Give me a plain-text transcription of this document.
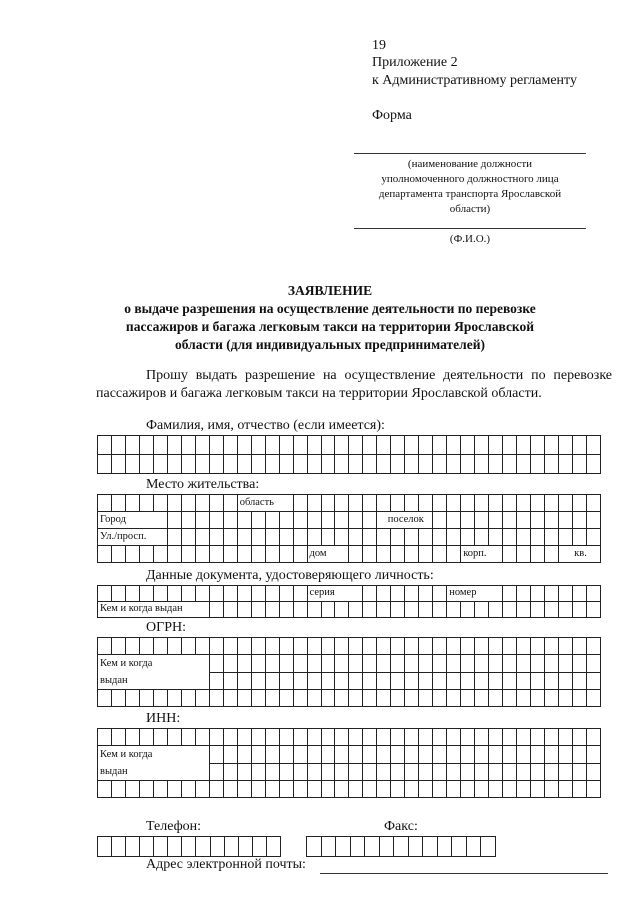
19
Приложение 2
к Административному регламенту
Форма
(наименование должности
уполномоченного должностного лица
департамента транспорта Ярославской
области)
(Ф.И.О.)
ЗАЯВЛЕНИЕ
о выдаче разрешения на осуществление деятельности по перевозке
пассажиров и багажа легковым такси на территории Ярославской
области (для индивидуальных предпринимателей)
Прошу выдать разрешение на осуществление деятельности по перевозке пассажиров и багажа легковым такси на территории Ярославской области.
Фамилия, имя, отчество (если имеется):

Место жительства:
										область																									
Город																				поселок															
Ул./просп.																																			
															дом											корп.							кв.		
Данные документа, удостоверяющего личность:
															серия										номер										
Кем и когда выдан																																			
ОГРН:

Кем и когда
выдан																																			

ИНН:

Кем и когда
выдан																																			

Телефон:	Факс:

Адрес электронной почты:
